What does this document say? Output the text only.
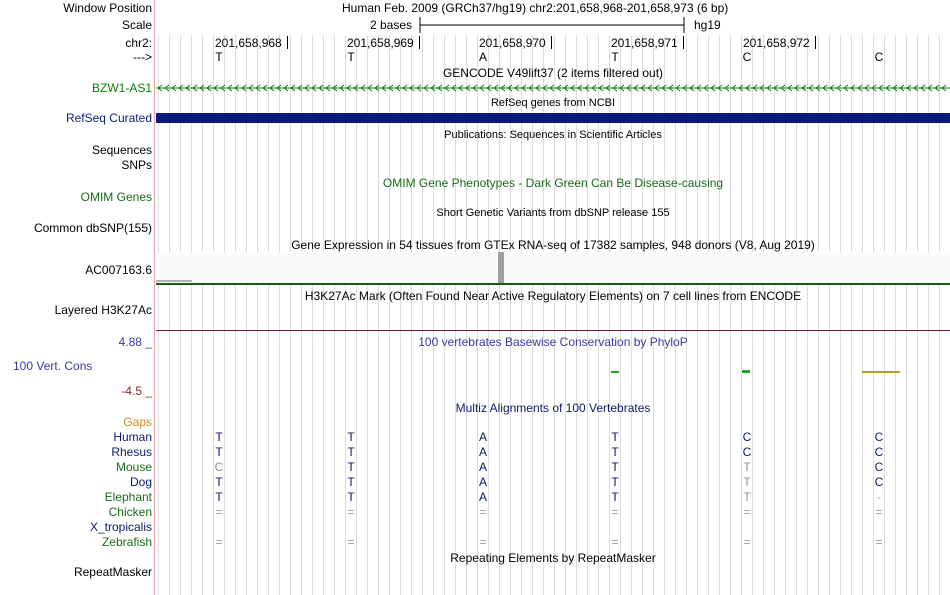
Window Position	Human Feb. 2009 (GRCh37/hg19) chr2:201,658,968-201,658,973 (6 bp)
Scale	2 bases	hg19
chr2:	201,658,968	201,658,969	201,658,970	201,658,971	201,658,972
--->	T	T	A	T	C	C
GENCODE V49lift37 (2 items filtered out)
BZW1-AS1
RefSeq genes from NCBI
RefSeq Curated
Publications: Sequences in Scientific Articles
Sequences
SNPs
OMIM Gene Phenotypes - Dark Green Can Be Disease-causing
OMIM Genes
Short Genetic Variants from dbSNP release 155
Common dbSNP(155)
Gene Expression in 54 tissues from GTEx RNA-seq of 17382 samples, 948 donors (V8, Aug 2019)
AC007163.6
H3K27Ac Mark (Often Found Near Active Regulatory Elements) on 7 cell lines from ENCODE
Layered H3K27Ac
100 vertebrates Basewise Conservation by PhyloP
4.88 _
100 Vert. Cons
-4.5 _
Multiz Alignments of 100 Vertebrates
Gaps
Human	T	T	A	T	C	C
Rhesus	T	T	A	T	C	C
Mouse	C	T	A	T	T	C
Dog	T	T	A	T	T	C
Elephant	T	T	A	T	T	-
Chicken	=	=	=	=	=	=
X_tropicalis
Zebrafish	=	=	=	=	=	=
Repeating Elements by RepeatMasker
RepeatMasker
